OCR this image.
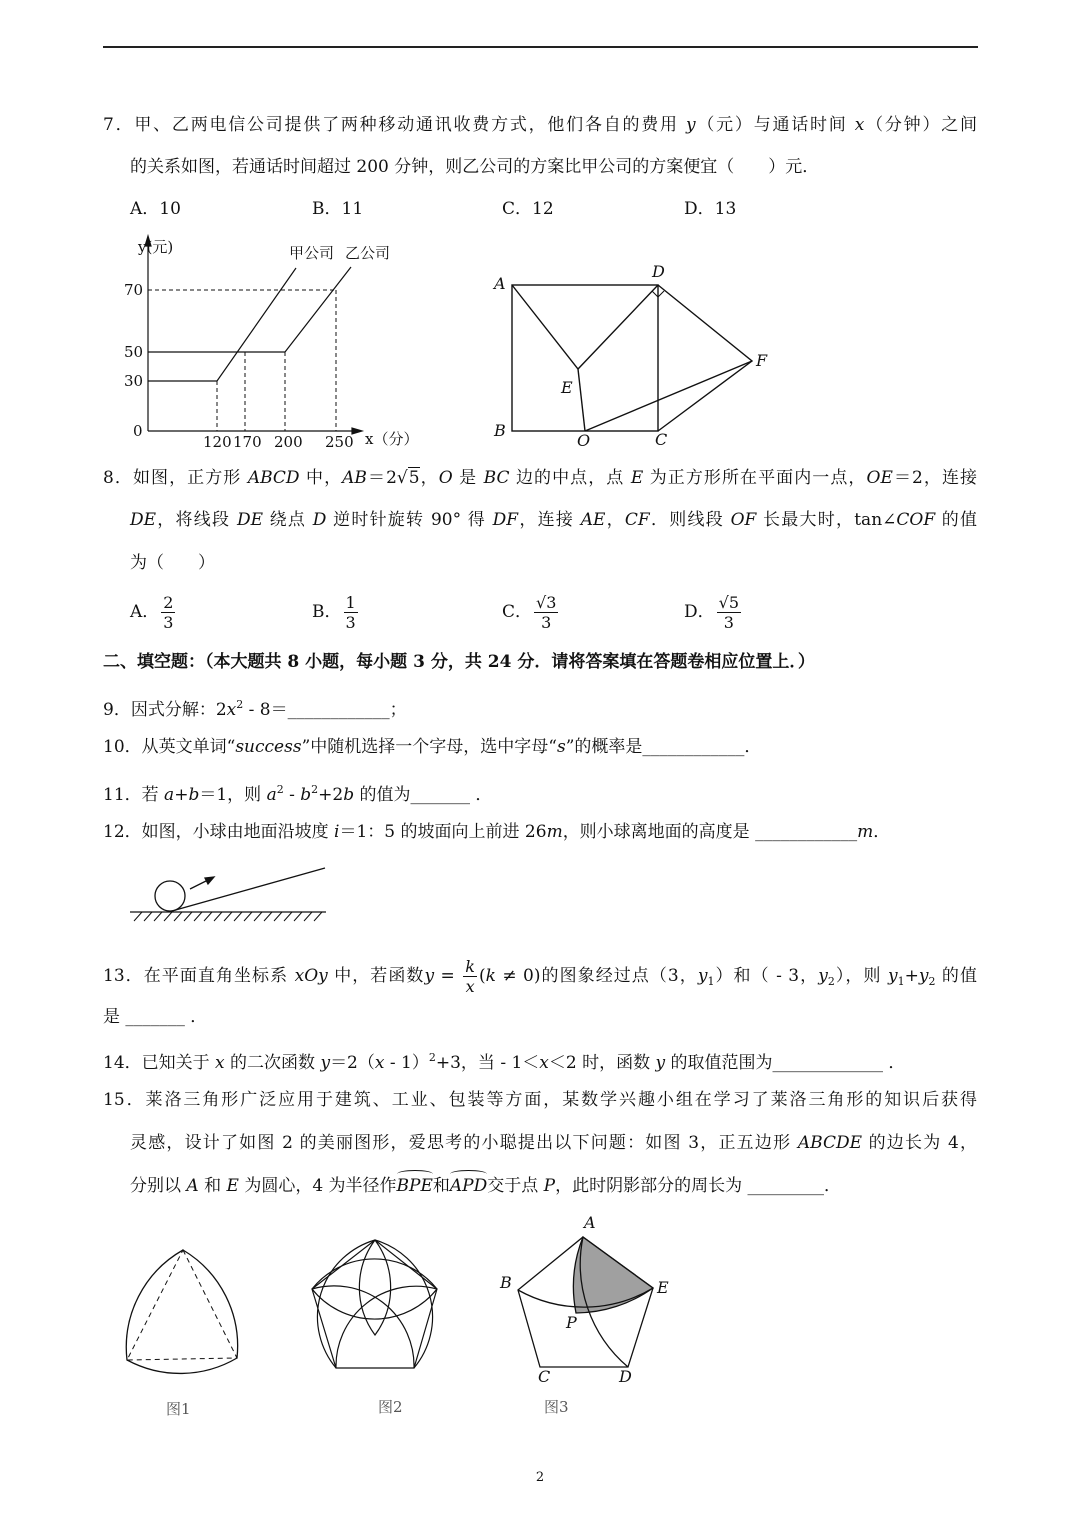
7．甲、乙两电信公司提供了两种移动通讯收费方式，他们各自的费用 y（元）与通话时间 x（分钟）之间
的关系如图，若通话时间超过 200 分钟，则乙公司的方案比甲公司的方案便宜（　　）元．
A．10	B．11	C．12	D．13
y(元)	甲公司 乙公司
70
50
30
0
120 170 200 250 x（分）
A
D
B	C
O
E
F
8．如图，正方形 ABCD 中，AB＝2√5，O 是 BC 边的中点，点 E 为正方形所在平面内一点，OE＝2，连接
DE，将线段 DE 绕点 D 逆时针旋转 90° 得 DF，连接 AE，CF．则线段 OF 长最大时，tan∠COF 的值
为（　　）
A． $\frac{2}{3}$	B． $\frac{1}{3}$	C． $\frac{√3}{3}$	D． $\frac{√5}{3}$
二、填空题：（本大题共 8 小题，每小题 3 分，共 24 分．请将答案填在答题卷相应位置上．）
9．因式分解：$2x^2$ - 8＝____________；
10．从英文单词“success”中随机选择一个字母，选中字母“s”的概率是____________．
11．若 a+b＝1，则 $a^2 - b^2+2b$ 的值为_______ ．
12．如图，小球由地面沿坡度 i＝1：5 的坡面向上前进 26m，则小球离地面的高度是 ____________m．
13．在平面直角坐标系 xOy 中，若函数$y = \frac{k}{x} (k \ne 0)$的图象经过点（3，$y_1$）和（ - 3，$y_2$），则 $y_1+y_2$ 的值
是 _______ ．
14．已知关于 x 的二次函数 y＝2（x - 1）$^2$+3，当 - 1＜x＜2 时，函数 y 的取值范围为_____________ ．
15．莱洛三角形广泛应用于建筑、工业、包装等方面，某数学兴趣小组在学习了莱洛三角形的知识后获得
灵感，设计了如图 2 的美丽图形，爱思考的小聪提出以下问题：如图 3，正五边形 ABCDE 的边长为 4，
分别以 A 和 E 为圆心，4 为半径作BPE和APD交于点 P，此时阴影部分的周长为 _________．
A
B	E
P
C	D
图1	图2	图3
2
